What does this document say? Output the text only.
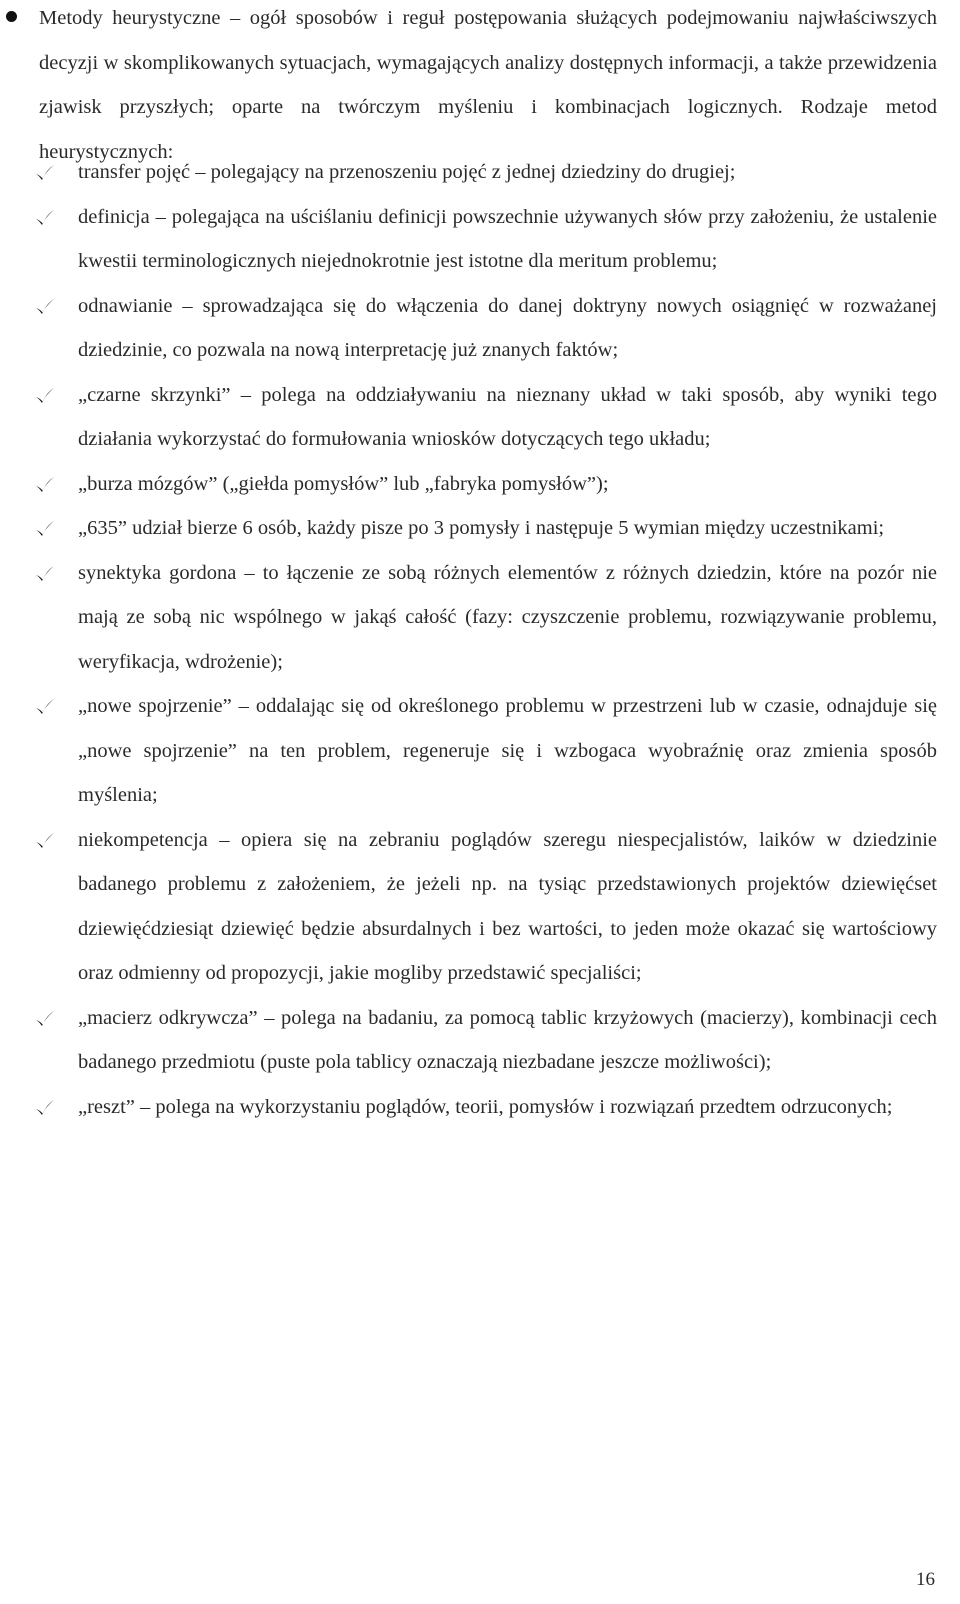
Metody heurystyczne – ogół sposobów i reguł postępowania służących podejmowaniu najwłaściwszych decyzji w skomplikowanych sytuacjach, wymagających analizy dostępnych informacji, a także przewidzenia zjawisk przyszłych; oparte na twórczym myśleniu i kombinacjach logicznych. Rodzaje metod heurystycznych:

transfer pojęć – polegający na przenoszeniu pojęć z jednej dziedziny do drugiej;
definicja – polegająca na uściślaniu definicji powszechnie używanych słów przy założeniu, że ustalenie kwestii terminologicznych niejednokrotnie jest istotne dla meritum problemu;
odnawianie – sprowadzająca się do włączenia do danej doktryny nowych osiągnięć w rozważanej dziedzinie, co pozwala na nową interpretację już znanych faktów;
„czarne skrzynki” – polega na oddziaływaniu na nieznany układ w taki sposób, aby wyniki tego działania wykorzystać do formułowania wniosków dotyczących tego układu;
„burza mózgów” („giełda pomysłów” lub „fabryka pomysłów”);
„635” udział bierze 6 osób, każdy pisze po 3 pomysły i następuje 5 wymian między uczestnikami;
synektyka gordona – to łączenie ze sobą różnych elementów z różnych dziedzin, które na pozór nie mają ze sobą nic wspólnego w jakąś całość (fazy: czyszczenie problemu, rozwiązywanie problemu, weryfikacja, wdrożenie);
„nowe spojrzenie” – oddalając się od określonego problemu w przestrzeni lub w czasie, odnajduje się „nowe spojrzenie” na ten problem, regeneruje się i wzbogaca wyobraźnię oraz zmienia sposób myślenia;
niekompetencja – opiera się na zebraniu poglądów szeregu niespecjalistów, laików w dziedzinie badanego problemu z założeniem, że jeżeli np. na tysiąc przedstawionych projektów dziewięćset dziewięćdziesiąt dziewięć będzie absurdalnych i bez wartości, to jeden może okazać się wartościowy oraz odmienny od propozycji, jakie mogliby przedstawić specjaliści;
„macierz odkrywcza” – polega na badaniu, za pomocą tablic krzyżowych (macierzy), kombinacji cech badanego przedmiotu (puste pola tablicy oznaczają niezbadane jeszcze możliwości);
„reszt” – polega na wykorzystaniu poglądów, teorii, pomysłów i rozwiązań przedtem odrzuconych;
16
